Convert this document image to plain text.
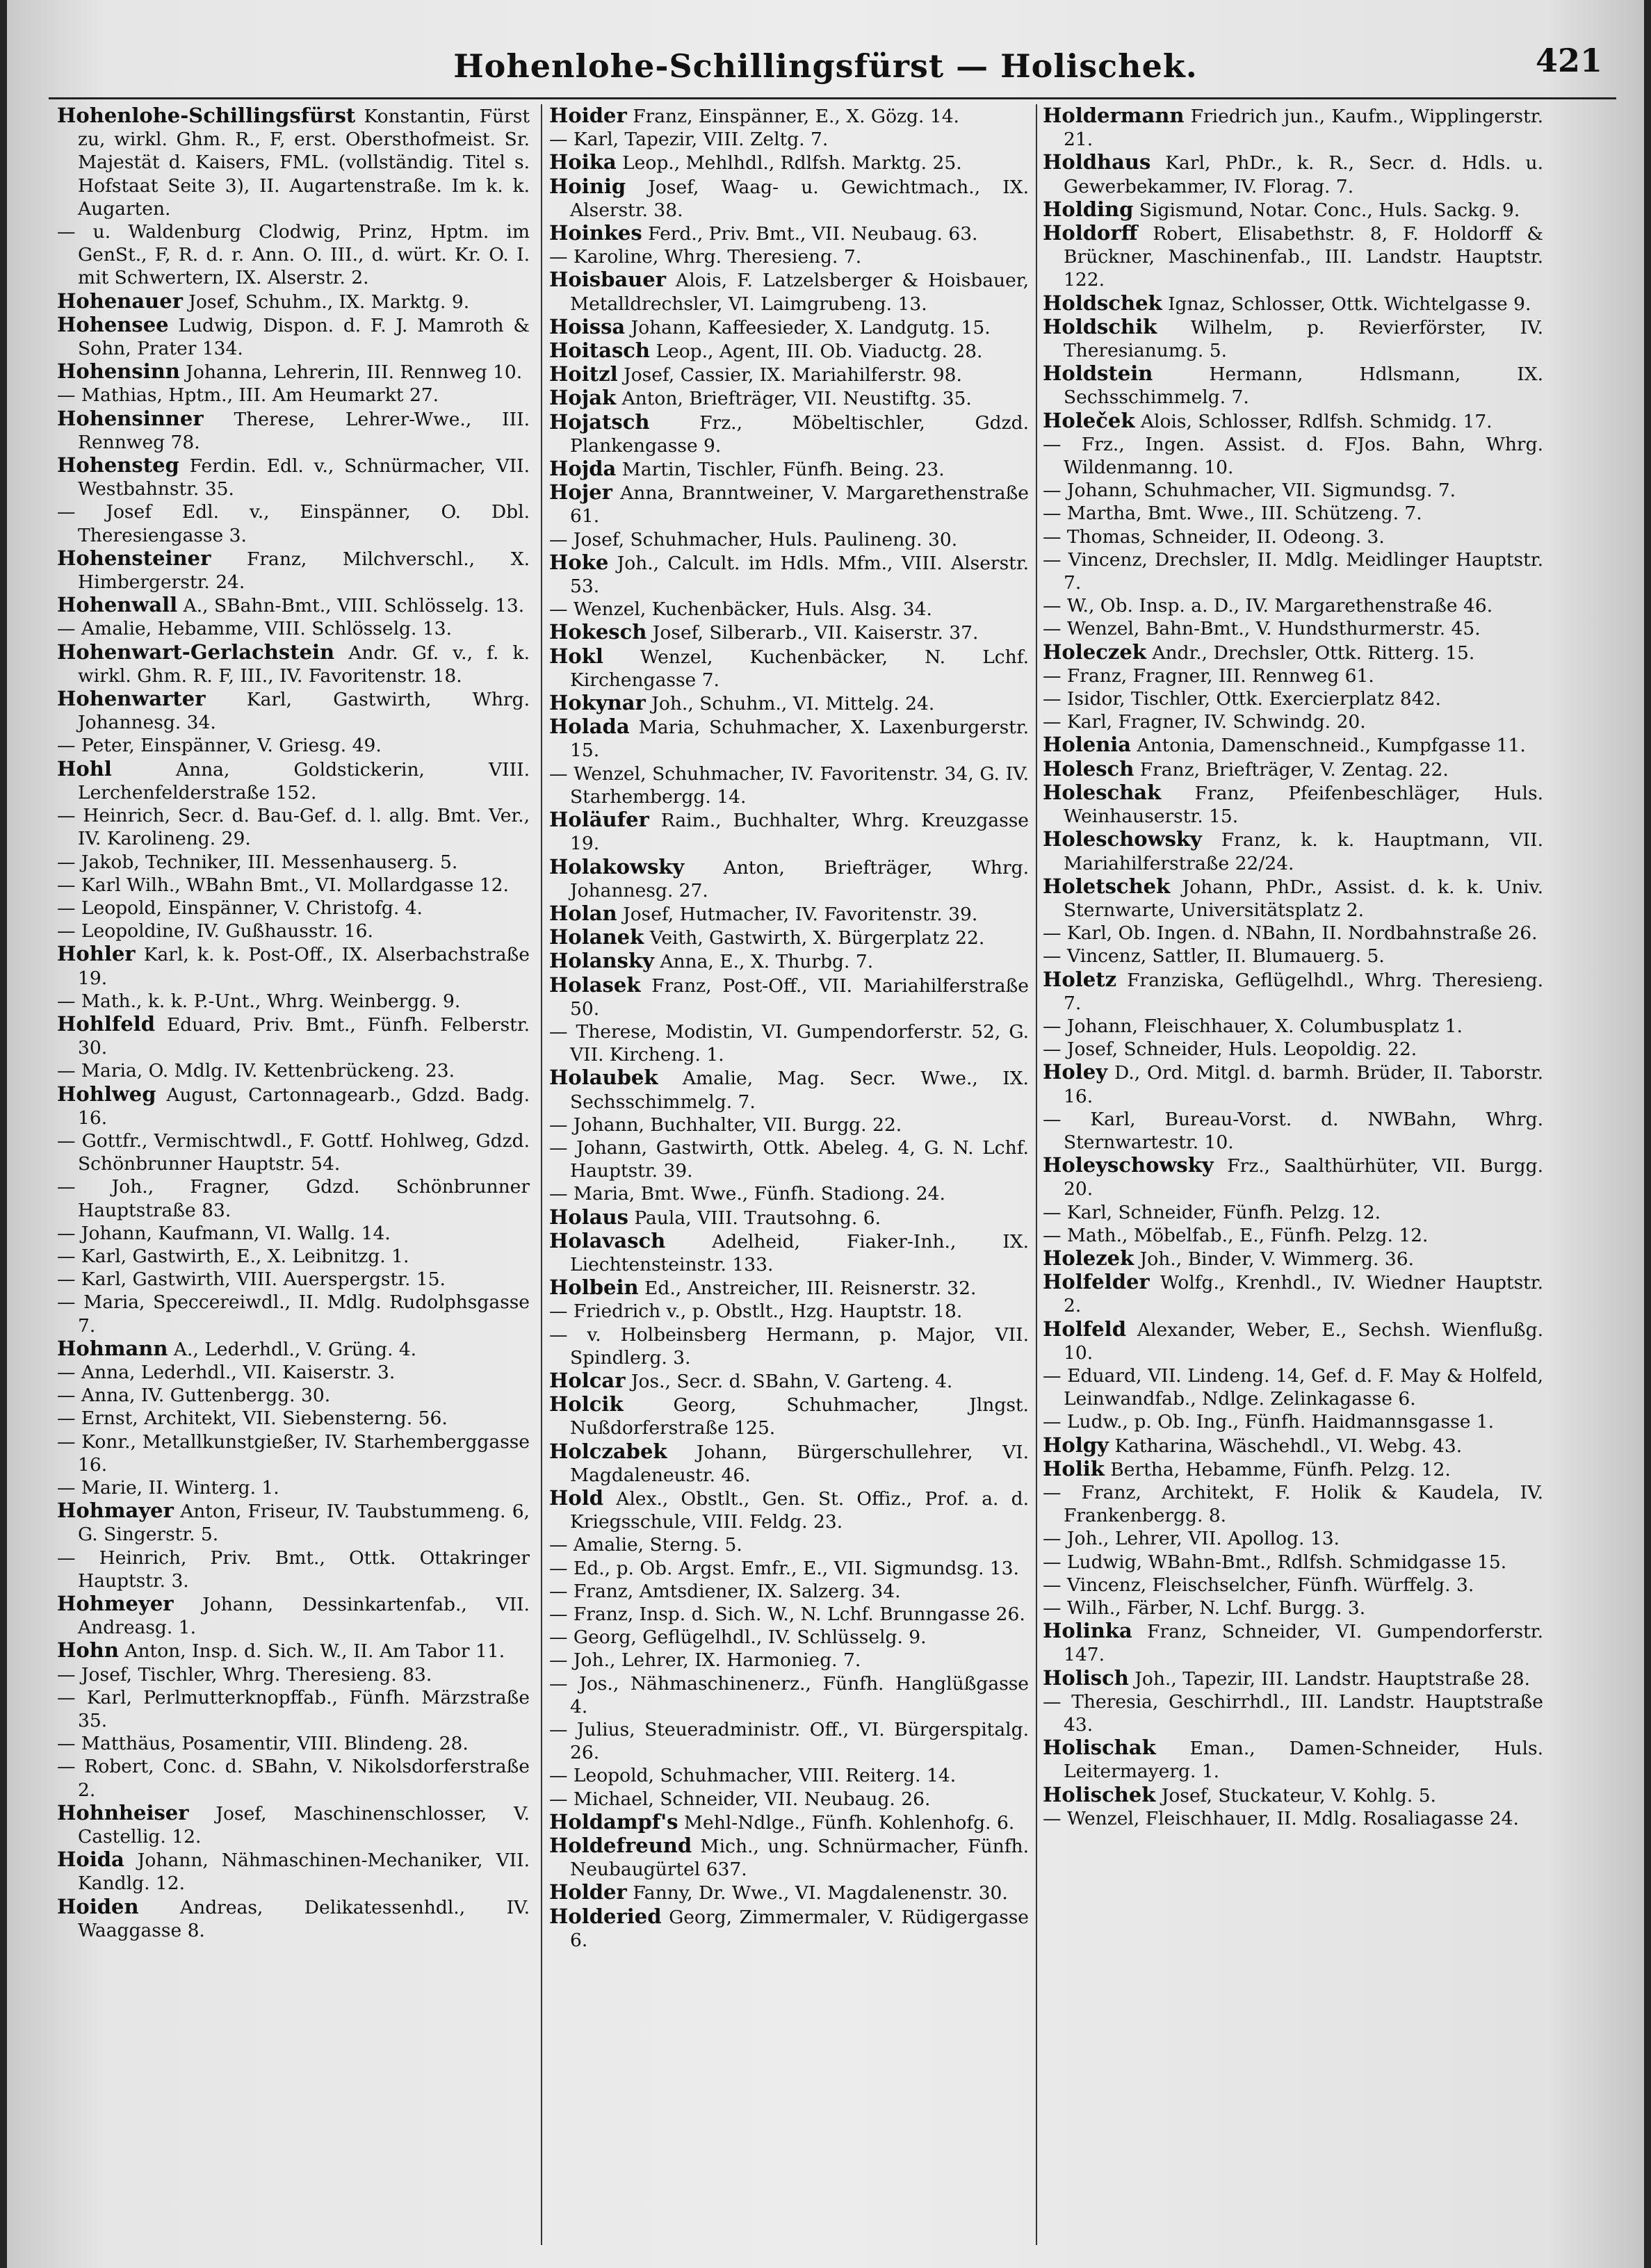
Hohenlohe-Schillingsfürst — Holischek.	421
Hohenlohe-Schillingsfürst Konstantin, Fürst zu, wirkl. Ghm. R., F, erst. Obersthofmeist. Sr. Majestät d. Kaisers, FML. (vollständig. Titel s. Hofstaat Seite 3), II. Augartenstraße. Im k. k. Augarten.
— u. Waldenburg Clodwig, Prinz, Hptm. im GenSt., F, R. d. r. Ann. O. III., d. würt. Kr. O. I. mit Schwertern, IX. Alserstr. 2.
Hohenauer Josef, Schuhm., IX. Marktg. 9.
Hohensee Ludwig, Dispon. d. F. J. Mamroth & Sohn, Prater 134.
Hohensinn Johanna, Lehrerin, III. Rennweg 10.
— Mathias, Hptm., III. Am Heumarkt 27.
Hohensinner Therese, Lehrer-Wwe., III. Rennweg 78.
Hohensteg Ferdin. Edl. v., Schnürmacher, VII. Westbahnstr. 35.
— Josef Edl. v., Einspänner, O. Dbl. Theresiengasse 3.
Hohensteiner Franz, Milchverschl., X. Himbergerstr. 24.
Hohenwall A., SBahn-Bmt., VIII. Schlösselg. 13.
— Amalie, Hebamme, VIII. Schlösselg. 13.
Hohenwart-Gerlachstein Andr. Gf. v., f. k. wirkl. Ghm. R. F, III., IV. Favoritenstr. 18.
Hohenwarter Karl, Gastwirth, Whrg. Johannesg. 34.
— Peter, Einspänner, V. Griesg. 49.
Hohl Anna, Goldstickerin, VIII. Lerchenfelderstraße 152.
— Heinrich, Secr. d. Bau-Gef. d. l. allg. Bmt. Ver., IV. Karolineng. 29.
— Jakob, Techniker, III. Messenhauserg. 5.
— Karl Wilh., WBahn Bmt., VI. Mollardgasse 12.
— Leopold, Einspänner, V. Christofg. 4.
— Leopoldine, IV. Gußhausstr. 16.
Hohler Karl, k. k. Post-Off., IX. Alserbachstraße 19.
— Math., k. k. P.-Unt., Whrg. Weinbergg. 9.
Hohlfeld Eduard, Priv. Bmt., Fünfh. Felberstr. 30.
— Maria, O. Mdlg. IV. Kettenbrückeng. 23.
Hohlweg August, Cartonnagearb., Gdzd. Badg. 16.
— Gottfr., Vermischtwdl., F. Gottf. Hohlweg, Gdzd. Schönbrunner Hauptstr. 54.
— Joh., Fragner, Gdzd. Schönbrunner Hauptstraße 83.
— Johann, Kaufmann, VI. Wallg. 14.
— Karl, Gastwirth, E., X. Leibnitzg. 1.
— Karl, Gastwirth, VIII. Auerspergstr. 15.
— Maria, Speccereiwdl., II. Mdlg. Rudolphsgasse 7.
Hohmann A., Lederhdl., V. Grüng. 4.
— Anna, Lederhdl., VII. Kaiserstr. 3.
— Anna, IV. Guttenbergg. 30.
— Ernst, Architekt, VII. Siebensterng. 56.
— Konr., Metallkunstgießer, IV. Starhemberggasse 16.
— Marie, II. Winterg. 1.
Hohmayer Anton, Friseur, IV. Taubstummeng. 6, G. Singerstr. 5.
— Heinrich, Priv. Bmt., Ottk. Ottakringer Hauptstr. 3.
Hohmeyer Johann, Dessinkartenfab., VII. Andreasg. 1.
Hohn Anton, Insp. d. Sich. W., II. Am Tabor 11.
— Josef, Tischler, Whrg. Theresieng. 83.
— Karl, Perlmutterknopffab., Fünfh. Märzstraße 35.
— Matthäus, Posamentir, VIII. Blindeng. 28.
— Robert, Conc. d. SBahn, V. Nikolsdorferstraße 2.
Hohnheiser Josef, Maschinenschlosser, V. Castellig. 12.
Hoida Johann, Nähmaschinen-Mechaniker, VII. Kandlg. 12.
Hoiden Andreas, Delikatessenhdl., IV. Waaggasse 8.
Hoider Franz, Einspänner, E., X. Gözg. 14.
— Karl, Tapezir, VIII. Zeltg. 7.
Hoika Leop., Mehlhdl., Rdlfsh. Marktg. 25.
Hoinig Josef, Waag- u. Gewichtmach., IX. Alserstr. 38.
Hoinkes Ferd., Priv. Bmt., VII. Neubaug. 63.
— Karoline, Whrg. Theresieng. 7.
Hoisbauer Alois, F. Latzelsberger & Hoisbauer, Metalldrechsler, VI. Laimgrubeng. 13.
Hoissa Johann, Kaffeesieder, X. Landgutg. 15.
Hoitasch Leop., Agent, III. Ob. Viaductg. 28.
Hoitzl Josef, Cassier, IX. Mariahilferstr. 98.
Hojak Anton, Briefträger, VII. Neustiftg. 35.
Hojatsch Frz., Möbeltischler, Gdzd. Plankengasse 9.
Hojda Martin, Tischler, Fünfh. Being. 23.
Hojer Anna, Branntweiner, V. Margarethenstraße 61.
— Josef, Schuhmacher, Huls. Paulineng. 30.
Hoke Joh., Calcult. im Hdls. Mfm., VIII. Alserstr. 53.
— Wenzel, Kuchenbäcker, Huls. Alsg. 34.
Hokesch Josef, Silberarb., VII. Kaiserstr. 37.
Hokl Wenzel, Kuchenbäcker, N. Lchf. Kirchengasse 7.
Hokynar Joh., Schuhm., VI. Mittelg. 24.
Holada Maria, Schuhmacher, X. Laxenburgerstr. 15.
— Wenzel, Schuhmacher, IV. Favoritenstr. 34, G. IV. Starhembergg. 14.
Holäufer Raim., Buchhalter, Whrg. Kreuzgasse 19.
Holakowsky Anton, Briefträger, Whrg. Johannesg. 27.
Holan Josef, Hutmacher, IV. Favoritenstr. 39.
Holanek Veith, Gastwirth, X. Bürgerplatz 22.
Holansky Anna, E., X. Thurbg. 7.
Holasek Franz, Post-Off., VII. Mariahilferstraße 50.
— Therese, Modistin, VI. Gumpendorferstr. 52, G. VII. Kircheng. 1.
Holaubek Amalie, Mag. Secr. Wwe., IX. Sechsschimmelg. 7.
— Johann, Buchhalter, VII. Burgg. 22.
— Johann, Gastwirth, Ottk. Abeleg. 4, G. N. Lchf. Hauptstr. 39.
— Maria, Bmt. Wwe., Fünfh. Stadiong. 24.
Holaus Paula, VIII. Trautsohng. 6.
Holavasch Adelheid, Fiaker-Inh., IX. Liechtensteinstr. 133.
Holbein Ed., Anstreicher, III. Reisnerstr. 32.
— Friedrich v., p. Obstlt., Hzg. Hauptstr. 18.
— v. Holbeinsberg Hermann, p. Major, VII. Spindlerg. 3.
Holcar Jos., Secr. d. SBahn, V. Garteng. 4.
Holcik Georg, Schuhmacher, Jlngst. Nußdorferstraße 125.
Holczabek Johann, Bürgerschullehrer, VI. Magdaleneustr. 46.
Hold Alex., Obstlt., Gen. St. Offiz., Prof. a. d. Kriegsschule, VIII. Feldg. 23.
— Amalie, Sterng. 5.
— Ed., p. Ob. Argst. Emfr., E., VII. Sigmundsg. 13.
— Franz, Amtsdiener, IX. Salzerg. 34.
— Franz, Insp. d. Sich. W., N. Lchf. Brunngasse 26.
— Georg, Geflügelhdl., IV. Schlüsselg. 9.
— Joh., Lehrer, IX. Harmonieg. 7.
— Jos., Nähmaschinenerz., Fünfh. Hanglüßgasse 4.
— Julius, Steueradministr. Off., VI. Bürgerspitalg. 26.
— Leopold, Schuhmacher, VIII. Reiterg. 14.
— Michael, Schneider, VII. Neubaug. 26.
Holdampf's Mehl-Ndlge., Fünfh. Kohlenhofg. 6.
Holdefreund Mich., ung. Schnürmacher, Fünfh. Neubaugürtel 637.
Holder Fanny, Dr. Wwe., VI. Magdalenenstr. 30.
Holderied Georg, Zimmermaler, V. Rüdigergasse 6.
Holdermann Friedrich jun., Kaufm., Wipplingerstr. 21.
Holdhaus Karl, PhDr., k. R., Secr. d. Hdls. u. Gewerbekammer, IV. Florag. 7.
Holding Sigismund, Notar. Conc., Huls. Sackg. 9.
Holdorff Robert, Elisabethstr. 8, F. Holdorff & Brückner, Maschinenfab., III. Landstr. Hauptstr. 122.
Holdschek Ignaz, Schlosser, Ottk. Wichtelgasse 9.
Holdschik Wilhelm, p. Revierförster, IV. Theresianumg. 5.
Holdstein Hermann, Hdlsmann, IX. Sechsschimmelg. 7.
Holeček Alois, Schlosser, Rdlfsh. Schmidg. 17.
— Frz., Ingen. Assist. d. FJos. Bahn, Whrg. Wildenmanng. 10.
— Johann, Schuhmacher, VII. Sigmundsg. 7.
— Martha, Bmt. Wwe., III. Schützeng. 7.
— Thomas, Schneider, II. Odeong. 3.
— Vincenz, Drechsler, II. Mdlg. Meidlinger Hauptstr. 7.
— W., Ob. Insp. a. D., IV. Margarethenstraße 46.
— Wenzel, Bahn-Bmt., V. Hundsthurmerstr. 45.
Holeczek Andr., Drechsler, Ottk. Ritterg. 15.
— Franz, Fragner, III. Rennweg 61.
— Isidor, Tischler, Ottk. Exercierplatz 842.
— Karl, Fragner, IV. Schwindg. 20.
Holenia Antonia, Damenschneid., Kumpfgasse 11.
Holesch Franz, Briefträger, V. Zentag. 22.
Holeschak Franz, Pfeifenbeschläger, Huls. Weinhauserstr. 15.
Holeschowsky Franz, k. k. Hauptmann, VII. Mariahilferstraße 22/24.
Holetschek Johann, PhDr., Assist. d. k. k. Univ. Sternwarte, Universitätsplatz 2.
— Karl, Ob. Ingen. d. NBahn, II. Nordbahnstraße 26.
— Vincenz, Sattler, II. Blumauerg. 5.
Holetz Franziska, Geflügelhdl., Whrg. Theresieng. 7.
— Johann, Fleischhauer, X. Columbusplatz 1.
— Josef, Schneider, Huls. Leopoldig. 22.
Holey D., Ord. Mitgl. d. barmh. Brüder, II. Taborstr. 16.
— Karl, Bureau-Vorst. d. NWBahn, Whrg. Sternwartestr. 10.
Holeyschowsky Frz., Saalthürhüter, VII. Burgg. 20.
— Karl, Schneider, Fünfh. Pelzg. 12.
— Math., Möbelfab., E., Fünfh. Pelzg. 12.
Holezek Joh., Binder, V. Wimmerg. 36.
Holfelder Wolfg., Krenhdl., IV. Wiedner Hauptstr. 2.
Holfeld Alexander, Weber, E., Sechsh. Wienflußg. 10.
— Eduard, VII. Lindeng. 14, Gef. d. F. May & Holfeld, Leinwandfab., Ndlge. Zelinkagasse 6.
— Ludw., p. Ob. Ing., Fünfh. Haidmannsgasse 1.
Holgy Katharina, Wäschehdl., VI. Webg. 43.
Holik Bertha, Hebamme, Fünfh. Pelzg. 12.
— Franz, Architekt, F. Holik & Kaudela, IV. Frankenbergg. 8.
— Joh., Lehrer, VII. Apollog. 13.
— Ludwig, WBahn-Bmt., Rdlfsh. Schmidgasse 15.
— Vincenz, Fleischselcher, Fünfh. Würffelg. 3.
— Wilh., Färber, N. Lchf. Burgg. 3.
Holinka Franz, Schneider, VI. Gumpendorferstr. 147.
Holisch Joh., Tapezir, III. Landstr. Hauptstraße 28.
— Theresia, Geschirrhdl., III. Landstr. Hauptstraße 43.
Holischak Eman., Damen-Schneider, Huls. Leitermayerg. 1.
Holischek Josef, Stuckateur, V. Kohlg. 5.
— Wenzel, Fleischhauer, II. Mdlg. Rosaliagasse 24.
